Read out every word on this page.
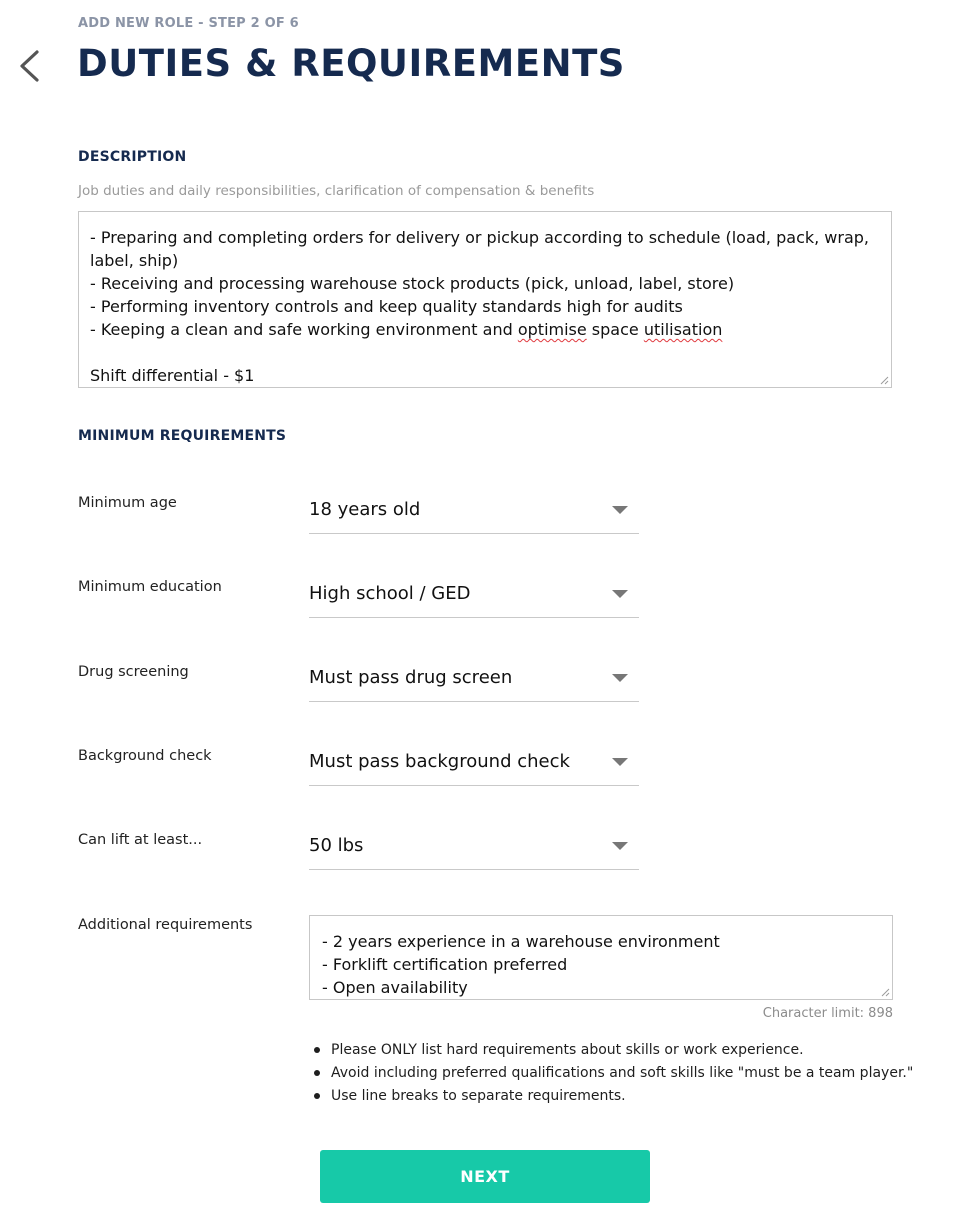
ADD NEW ROLE - STEP 2 OF 6
DUTIES & REQUIREMENTS
DESCRIPTION
Job duties and daily responsibilities, clarification of compensation & benefits
- Preparing and completing orders for delivery or pickup according to schedule (load, pack, wrap, label, ship)
- Receiving and processing warehouse stock products (pick, unload, label, store)
- Performing inventory controls and keep quality standards high for audits
- Keeping a clean and safe working environment and optimise space utilisation

Shift differential - $1
MINIMUM REQUIREMENTS
Minimum age	18 years old
Minimum education	High school / GED
Drug screening	Must pass drug screen
Background check	Must pass background check
Can lift at least...	50 lbs
Additional requirements
- 2 years experience in a warehouse environment
- Forklift certification preferred
- Open availability
Character limit: 898
Please ONLY list hard requirements about skills or work experience.
Avoid including preferred qualifications and soft skills like "must be a team player."
Use line breaks to separate requirements.
NEXT
